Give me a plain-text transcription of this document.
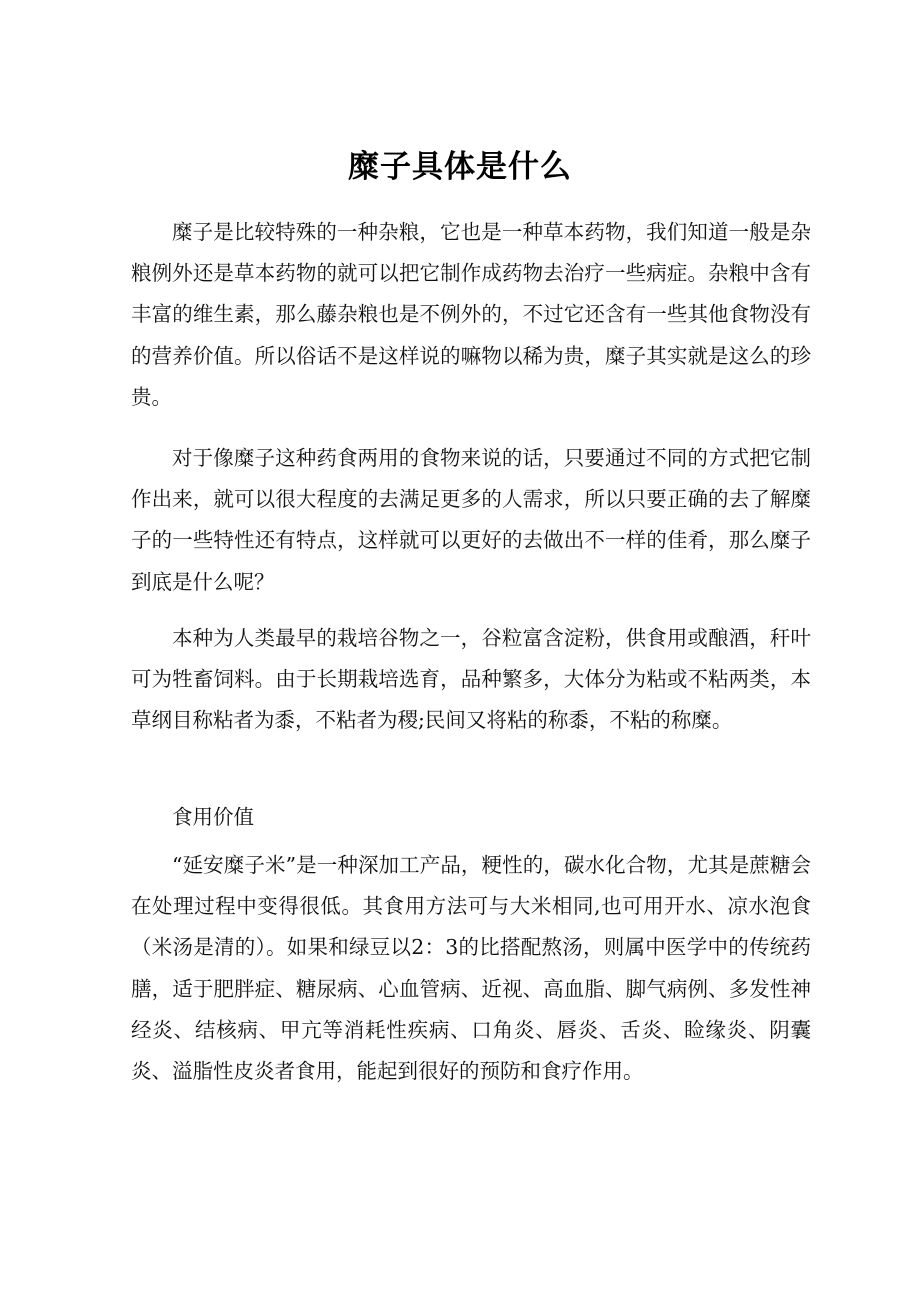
糜子具体是什么

糜子是比较特殊的一种杂粮，它也是一种草本药物，我们知道一般是杂粮例外还是草本药物的就可以把它制作成药物去治疗一些病症。杂粮中含有丰富的维生素，那么藤杂粮也是不例外的，不过它还含有一些其他食物没有的营养价值。所以俗话不是这样说的嘛物以稀为贵，糜子其实就是这么的珍贵。

对于像糜子这种药食两用的食物来说的话，只要通过不同的方式把它制作出来，就可以很大程度的去满足更多的人需求，所以只要正确的去了解糜子的一些特性还有特点，这样就可以更好的去做出不一样的佳肴，那么糜子到底是什么呢？

本种为人类最早的栽培谷物之一，谷粒富含淀粉，供食用或酿酒，秆叶可为牲畜饲料。由于长期栽培选育，品种繁多，大体分为粘或不粘两类，本草纲目称粘者为黍，不粘者为稷;民间又将粘的称黍，不粘的称糜。

食用价值

“延安糜子米”是一种深加工产品，粳性的，碳水化合物，尤其是蔗糖会在处理过程中变得很低。其食用方法可与大米相同,也可用开水、凉水泡食（米汤是清的）。如果和绿豆以2：3的比搭配熬汤，则属中医学中的传统药膳，适于肥胖症、糖尿病、心血管病、近视、高血脂、脚气病例、多发性神经炎、结核病、甲亢等消耗性疾病、口角炎、唇炎、舌炎、睑缘炎、阴囊炎、溢脂性皮炎者食用，能起到很好的预防和食疗作用。
